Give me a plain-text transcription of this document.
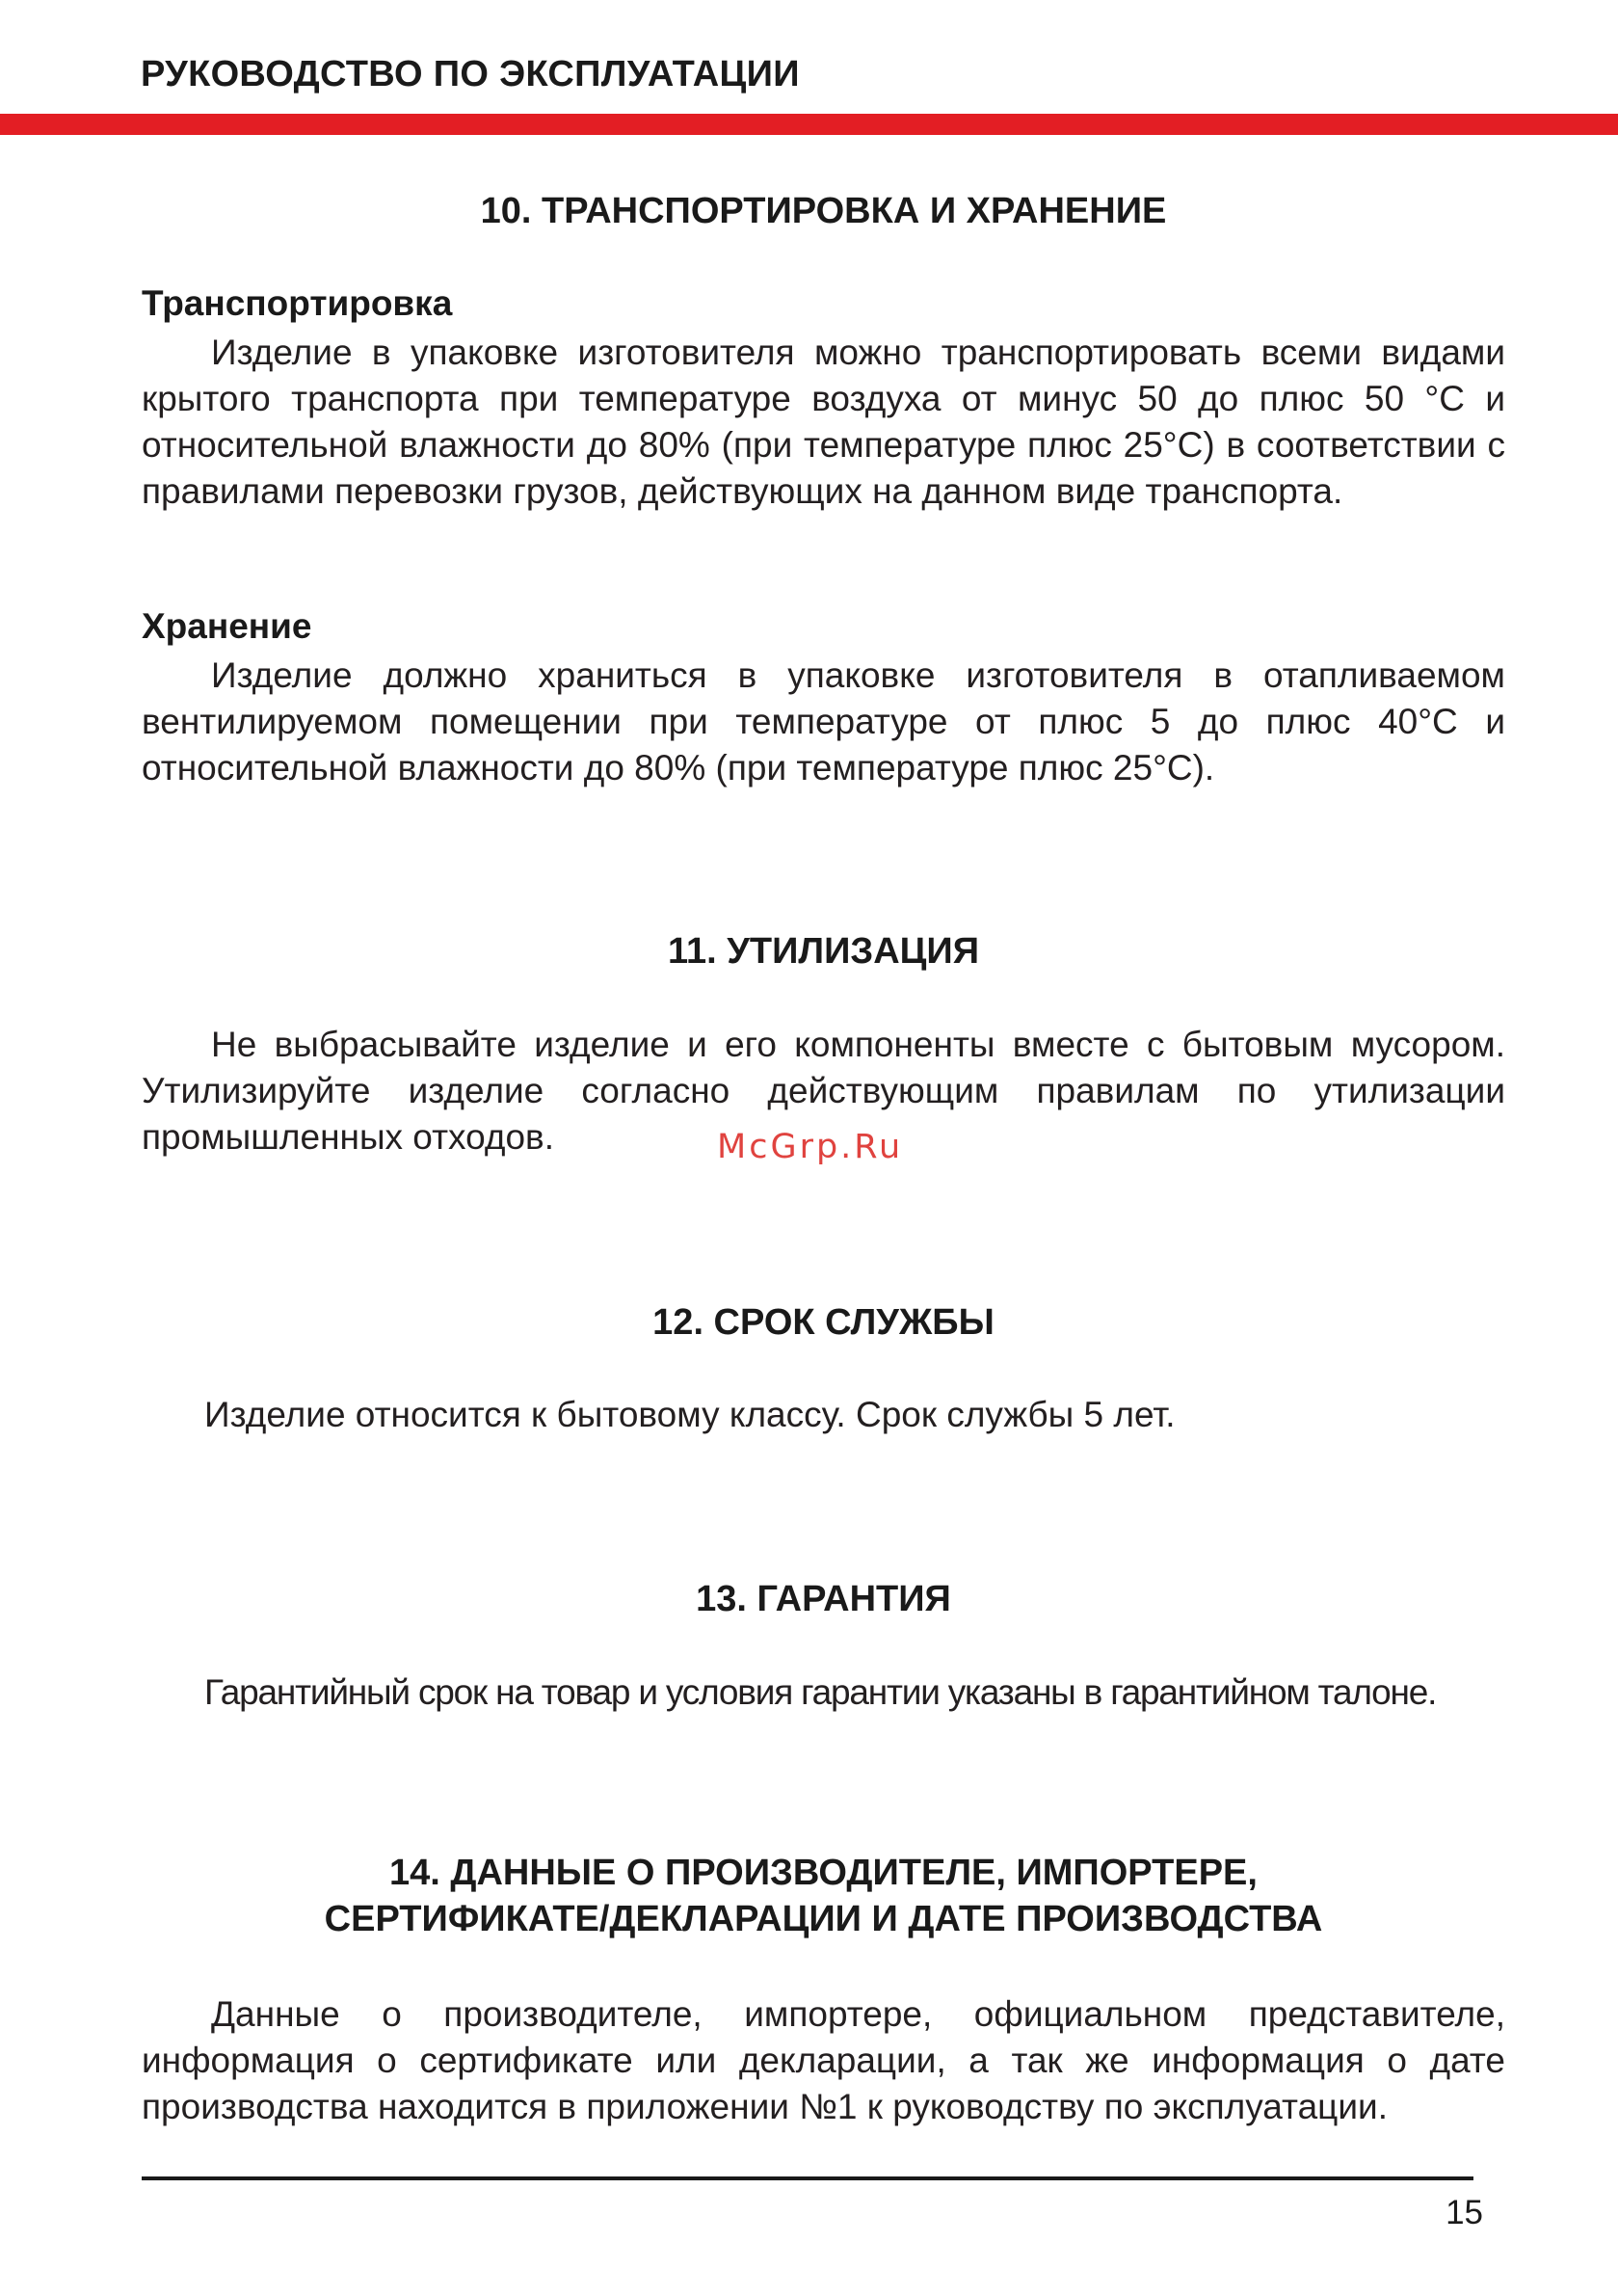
РУКОВОДСТВО ПО ЭКСПЛУАТАЦИИ
10. ТРАНСПОРТИРОВКА И ХРАНЕНИЕ
Транспортировка
Изделие в упаковке изготовителя можно транспортировать всеми видами крытого транспорта при температуре воздуха от минус 50 до плюс 50 °С и относительной влажности до 80% (при температуре плюс 25°С) в соответствии с правилами перевозки грузов, действующих на данном виде транспорта.
Хранение
Изделие должно храниться в упаковке изготовителя в отапливаемом вентилируемом помещении при температуре от плюс 5 до плюс 40°С и относительной влажности до 80% (при температуре плюс 25°С).
11. УТИЛИЗАЦИЯ
Не выбрасывайте изделие и его компоненты вместе с бытовым мусором. Утилизируйте изделие согласно действующим правилам по утилизации промышленных отходов.
12. СРОК СЛУЖБЫ
Изделие относится к бытовому классу. Срок службы 5 лет.
13. ГАРАНТИЯ
Гарантийный срок на товар и условия гарантии указаны в гарантийном талоне.
14. ДАННЫЕ О ПРОИЗВОДИТЕЛЕ, ИМПОРТЕРЕ,
СЕРТИФИКАТЕ/ДЕКЛАРАЦИИ И ДАТЕ ПРОИЗВОДСТВА
Данные о производителе, импортере, официальном представителе, информация о сертификате или декларации, а так же информация о дате производства находится в приложении №1 к руководству по эксплуатации.
McGrp.Ru
15
